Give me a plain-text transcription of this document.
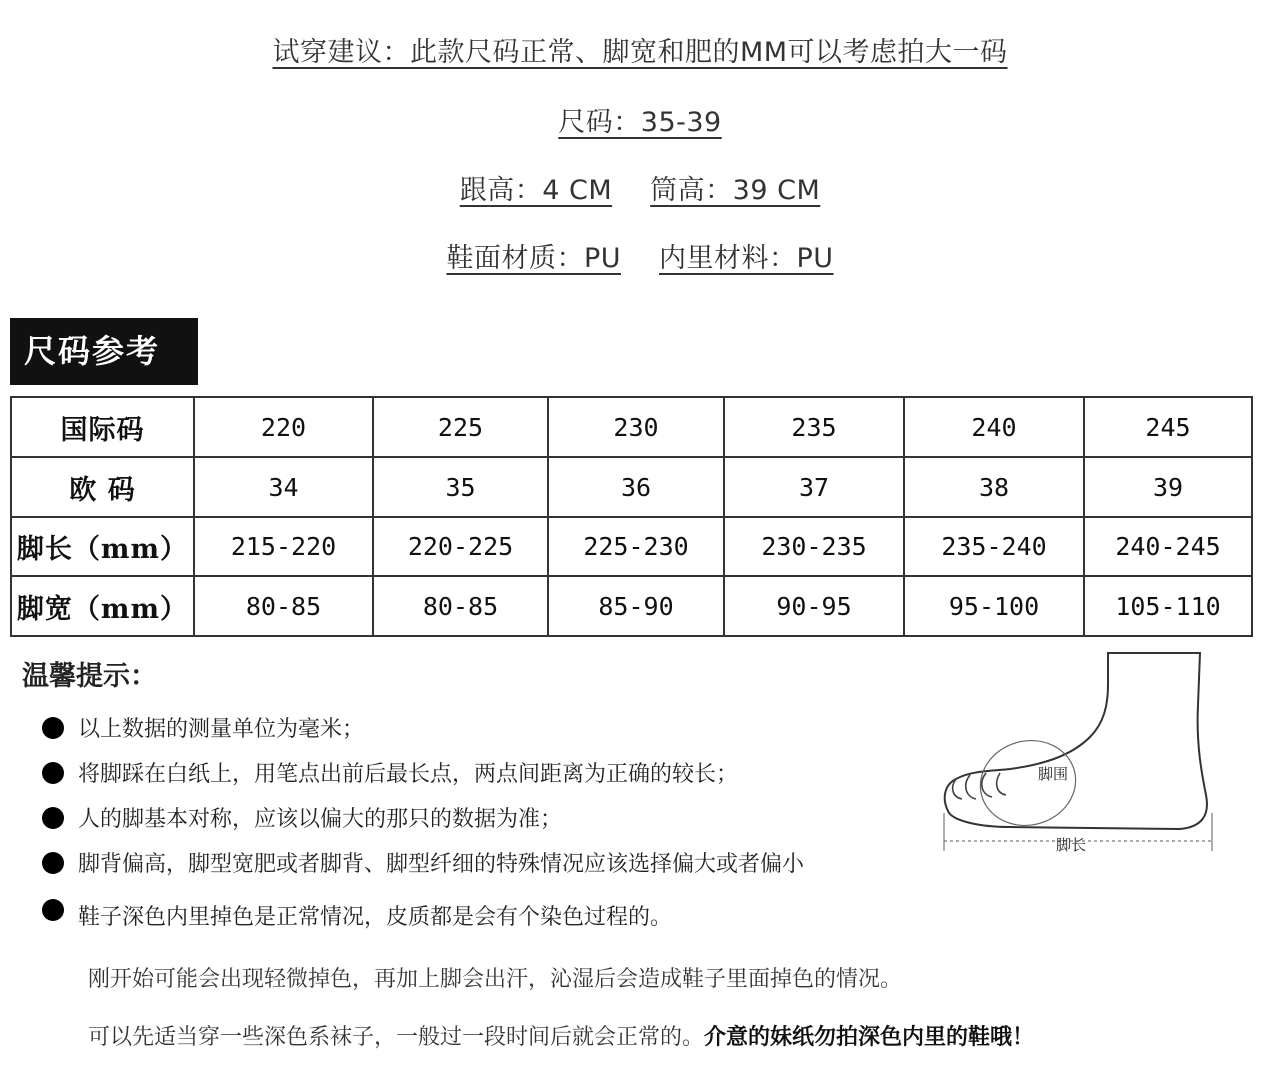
试穿建议：此款尺码正常、脚宽和肥的MM可以考虑拍大一码
尺码：35-39
跟高：4 CM 筒高：39 CM
鞋面材质：PU 内里材料：PU
尺码参考
国际码	220	225	230	235	240	245
欧 码	34	35	36	37	38	39
脚长（mm）	215-220	220-225	225-230	230-235	235-240	240-245
脚宽（mm）	80-85	80-85	85-90	90-95	95-100	105-110
温馨提示：
以上数据的测量单位为毫米；
将脚踩在白纸上，用笔点出前后最长点，两点间距离为正确的较长；
人的脚基本对称，应该以偏大的那只的数据为准；
脚背偏高，脚型宽肥或者脚背、脚型纤细的特殊情况应该选择偏大或者偏小
鞋子深色内里掉色是正常情况，皮质都是会有个染色过程的。
刚开始可能会出现轻微掉色，再加上脚会出汗，沁湿后会造成鞋子里面掉色的情况。
可以先适当穿一些深色系袜子，一般过一段时间后就会正常的。介意的妹纸勿拍深色内里的鞋哦！
脚围
脚长
